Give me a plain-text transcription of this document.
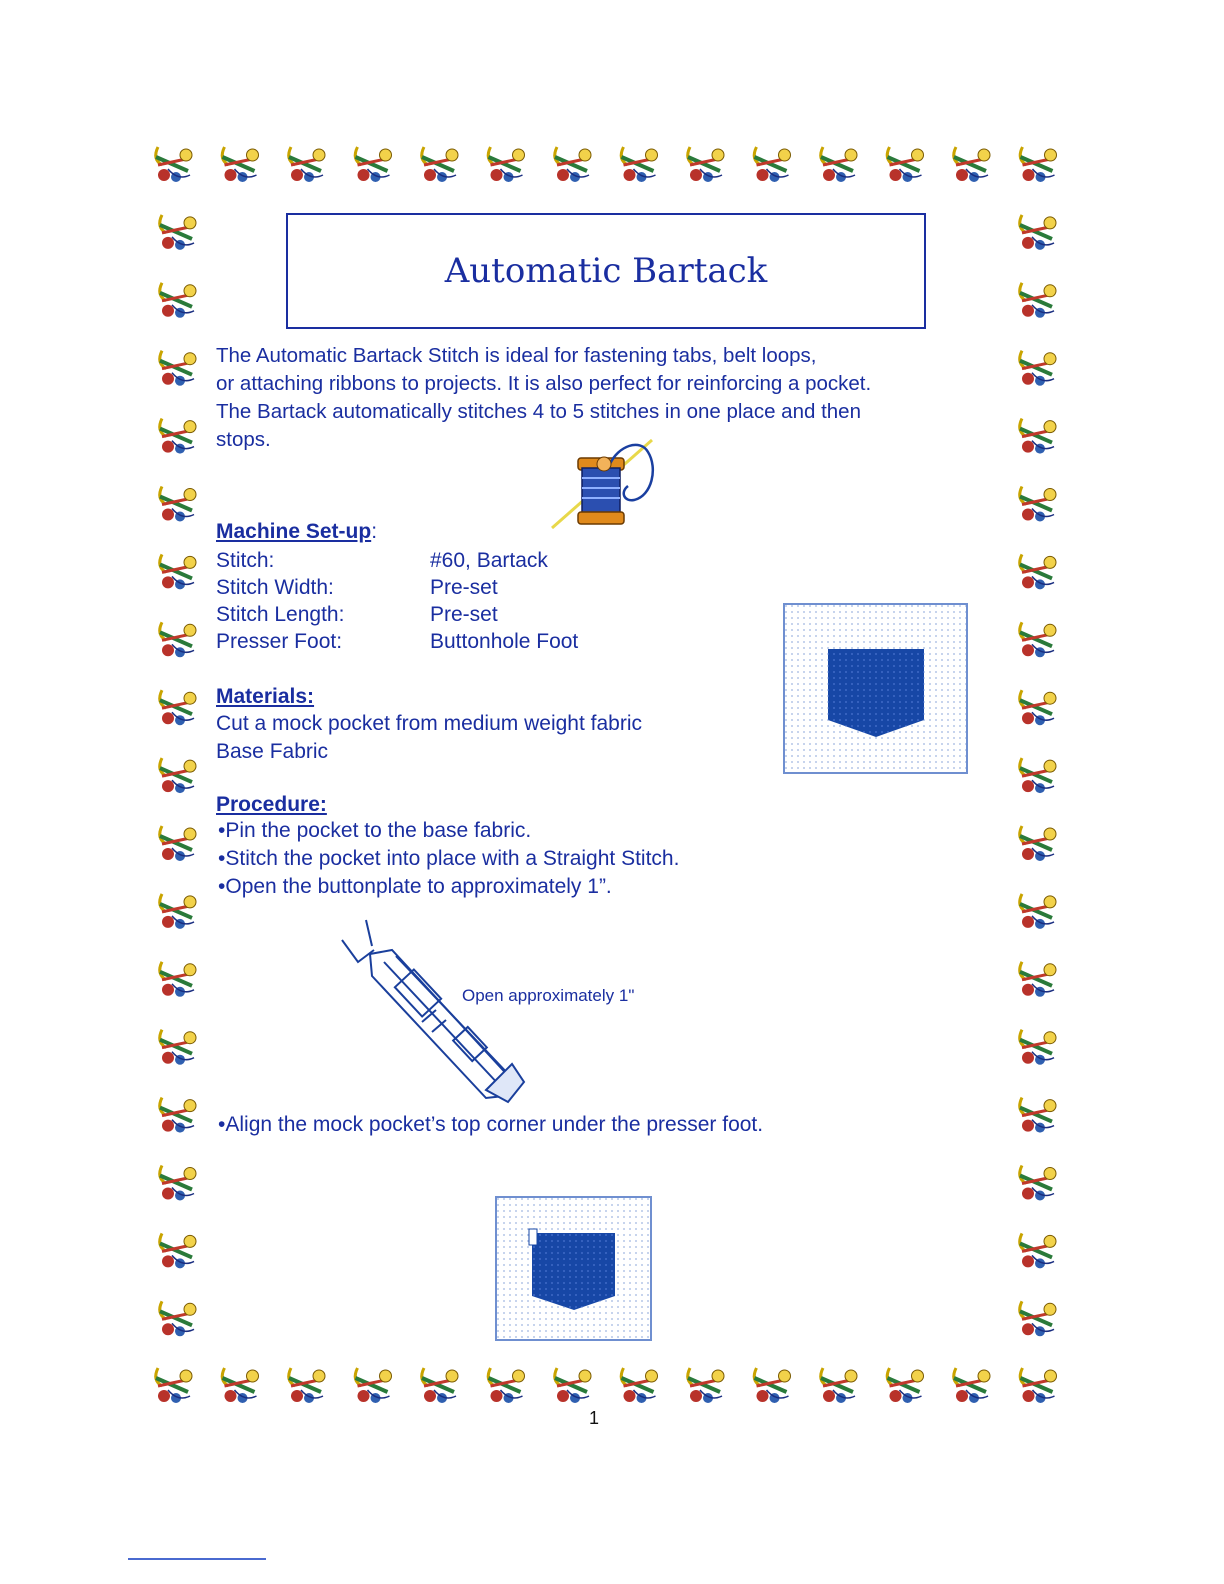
Automatic Bartack

The Automatic Bartack Stitch is ideal for fastening tabs, belt loops,

or attaching ribbons to projects. It is also perfect for reinforcing a pocket.

The Bartack automatically stitches 4 to 5 stitches in one place and then

stops.

Machine Set-up:
Stitch:	#60, Bartack
Stitch Width:	Pre-set
Stitch Length:	Pre-set
Presser Foot:	Buttonhole Foot
Materials:
Cut a mock pocket from medium weight fabric
Base Fabric
Procedure:
•Pin the pocket to the base fabric.
•Stitch the pocket into place with a Straight Stitch.
•Open the buttonplate to approximately 1”.
Open approximately 1"
•Align the mock pocket’s top corner under the presser foot.
1
